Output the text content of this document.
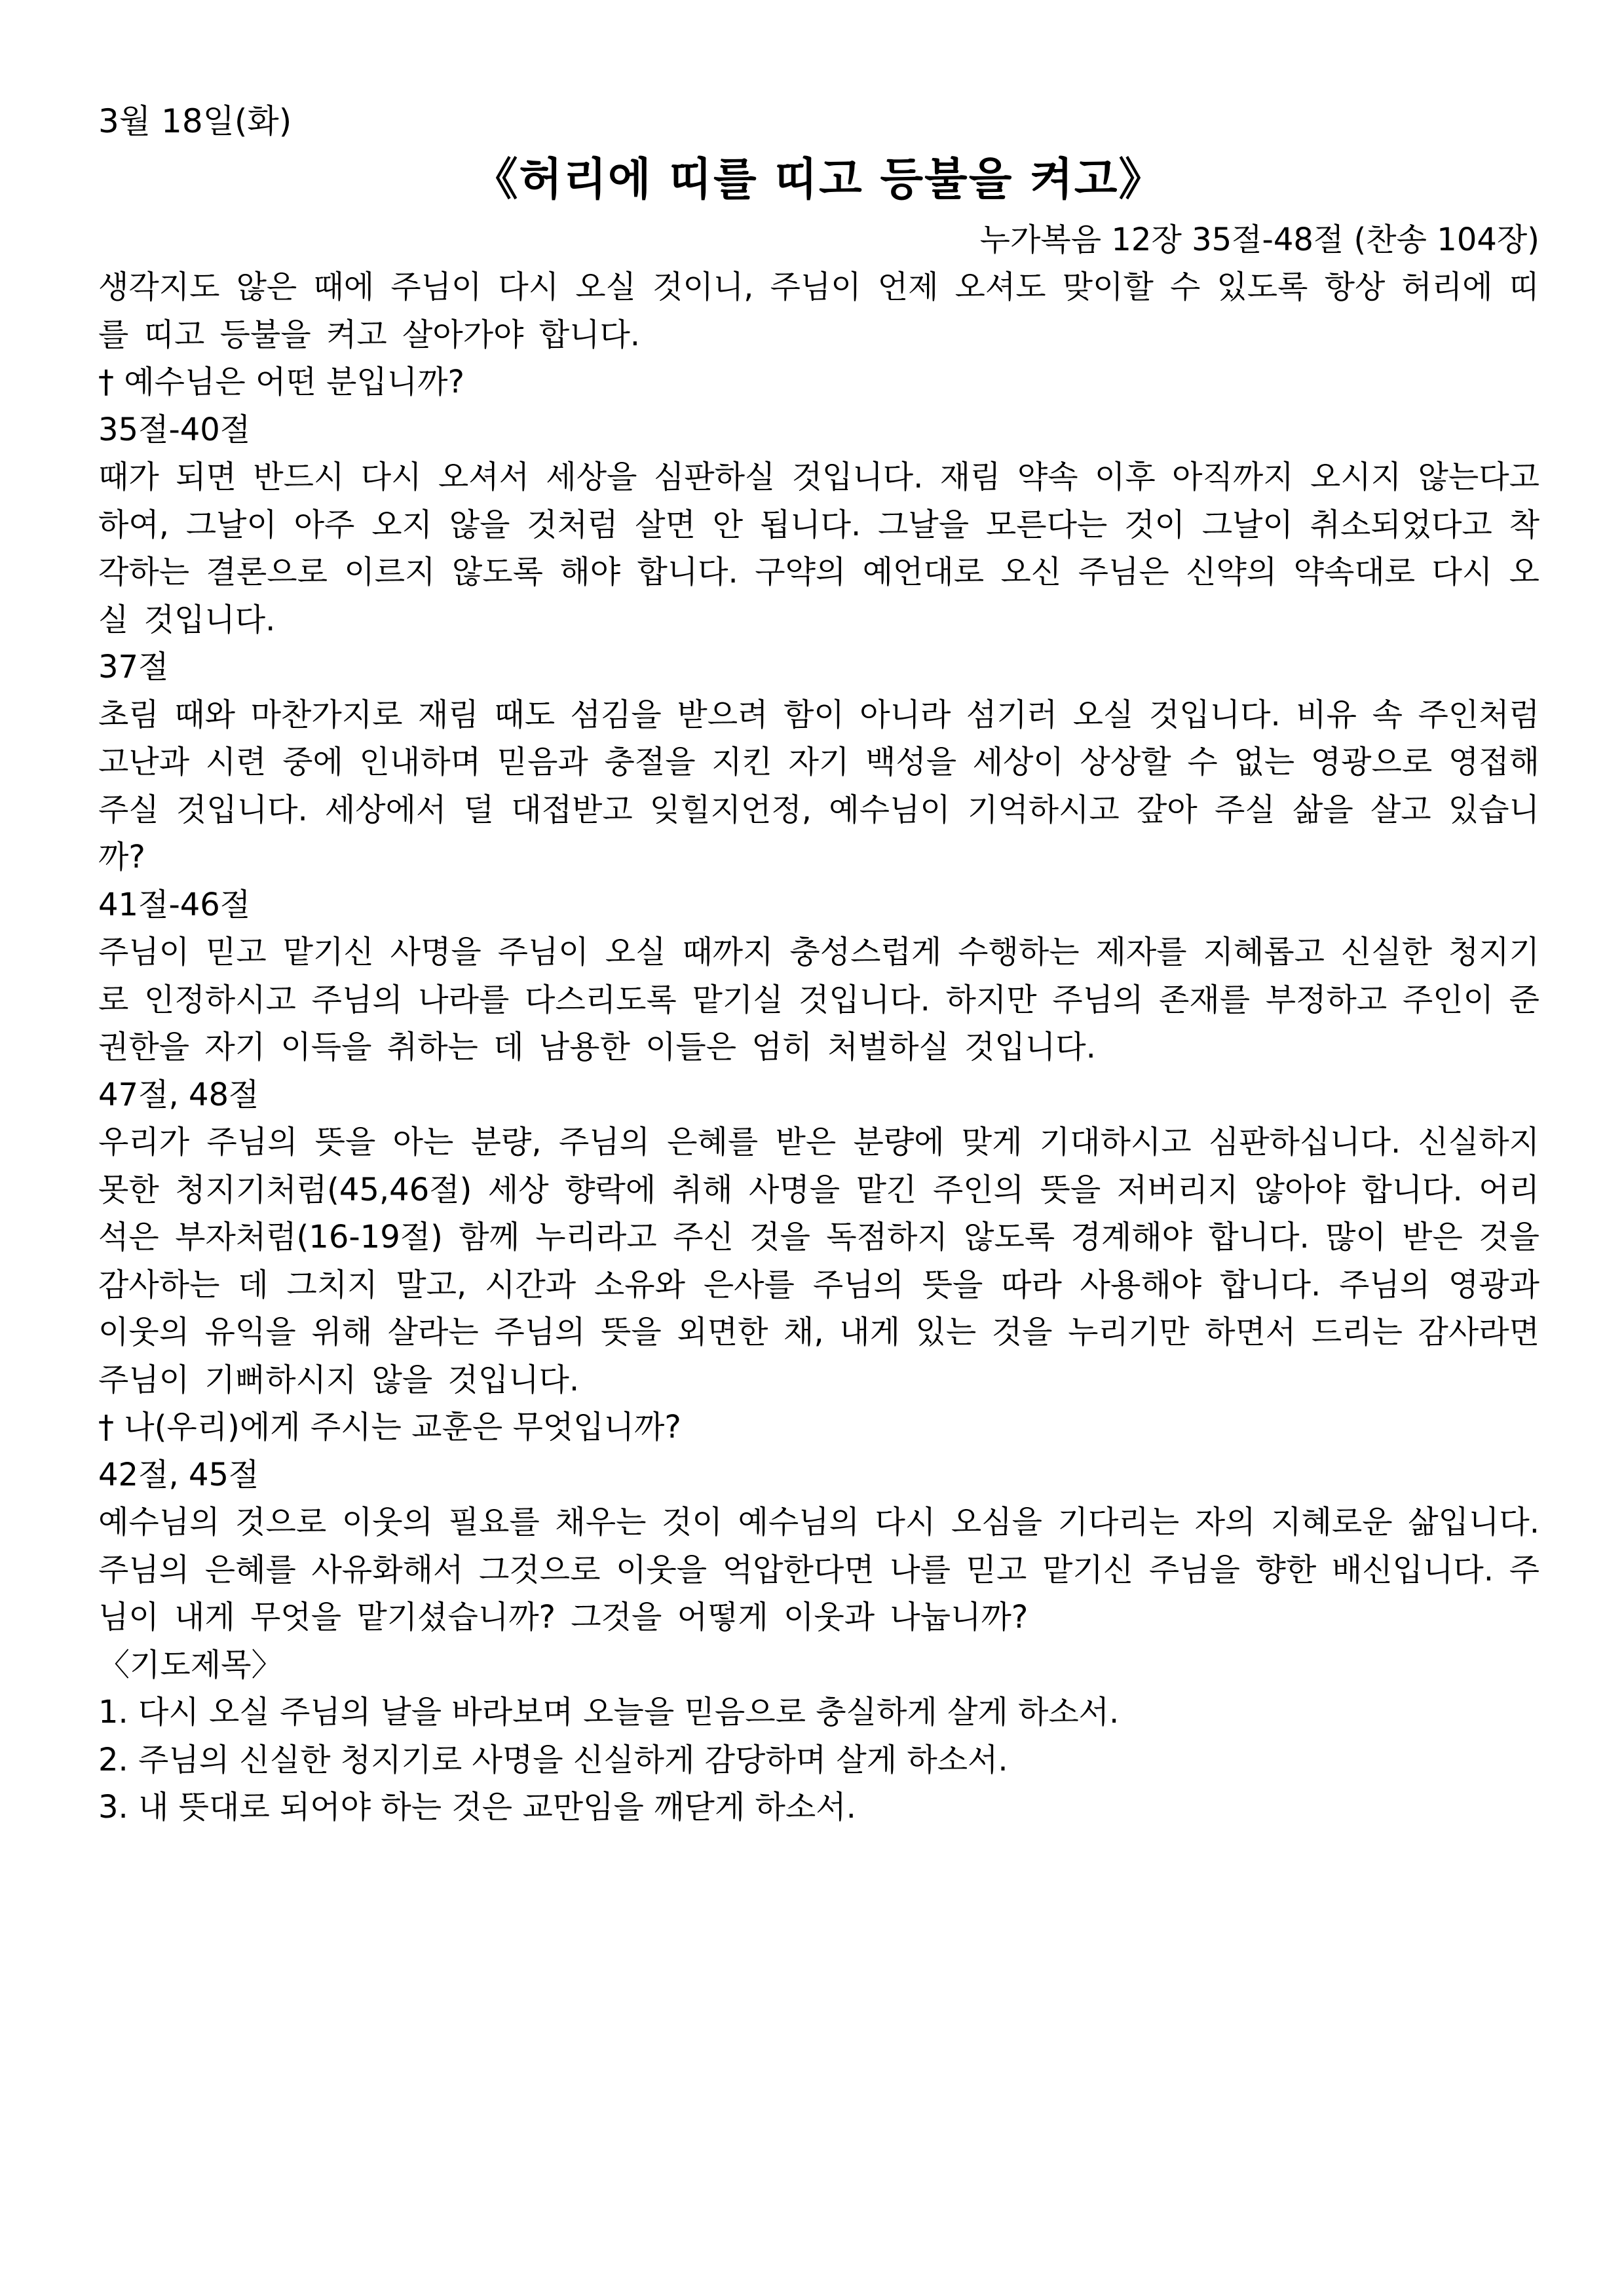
3월 18일(화)

《허리에 띠를 띠고 등불을 켜고》

누가복음 12장 35절-48절 (찬송 104장)

생각지도 않은 때에 주님이 다시 오실 것이니, 주님이 언제 오셔도 맞이할 수 있도록 항상 허리에 띠를 띠고 등불을 켜고 살아가야 합니다.

† 예수님은 어떤 분입니까?

35절-40절

때가 되면 반드시 다시 오셔서 세상을 심판하실 것입니다. 재림 약속 이후 아직까지 오시지 않는다고 하여, 그날이 아주 오지 않을 것처럼 살면 안 됩니다. 그날을 모른다는 것이 그날이 취소되었다고 착각하는 결론으로 이르지 않도록 해야 합니다. 구약의 예언대로 오신 주님은 신약의 약속대로 다시 오실 것입니다.

37절

초림 때와 마찬가지로 재림 때도 섬김을 받으려 함이 아니라 섬기러 오실 것입니다. 비유 속 주인처럼 고난과 시련 중에 인내하며 믿음과 충절을 지킨 자기 백성을 세상이 상상할 수 없는 영광으로 영접해주실 것입니다. 세상에서 덜 대접받고 잊힐지언정, 예수님이 기억하시고 갚아 주실 삶을 살고 있습니까?

41절-46절

주님이 믿고 맡기신 사명을 주님이 오실 때까지 충성스럽게 수행하는 제자를 지혜롭고 신실한 청지기로 인정하시고 주님의 나라를 다스리도록 맡기실 것입니다. 하지만 주님의 존재를 부정하고 주인이 준 권한을 자기 이득을 취하는 데 남용한 이들은 엄히 처벌하실 것입니다.

47절, 48절

우리가 주님의 뜻을 아는 분량, 주님의 은혜를 받은 분량에 맞게 기대하시고 심판하십니다. 신실하지 못한 청지기처럼(45,46절) 세상 향락에 취해 사명을 맡긴 주인의 뜻을 저버리지 않아야 합니다. 어리석은 부자처럼(16-19절) 함께 누리라고 주신 것을 독점하지 않도록 경계해야 합니다. 많이 받은 것을 감사하는 데 그치지 말고, 시간과 소유와 은사를 주님의 뜻을 따라 사용해야 합니다. 주님의 영광과 이웃의 유익을 위해 살라는 주님의 뜻을 외면한 채, 내게 있는 것을 누리기만 하면서 드리는 감사라면 주님이 기뻐하시지 않을 것입니다.

† 나(우리)에게 주시는 교훈은 무엇입니까?

42절, 45절

예수님의 것으로 이웃의 필요를 채우는 것이 예수님의 다시 오심을 기다리는 자의 지혜로운 삶입니다. 주님의 은혜를 사유화해서 그것으로 이웃을 억압한다면 나를 믿고 맡기신 주님을 향한 배신입니다. 주님이 내게 무엇을 맡기셨습니까? 그것을 어떻게 이웃과 나눕니까?

〈기도제목〉

1. 다시 오실 주님의 날을 바라보며 오늘을 믿음으로 충실하게 살게 하소서.
2. 주님의 신실한 청지기로 사명을 신실하게 감당하며 살게 하소서.
3. 내 뜻대로 되어야 하는 것은 교만임을 깨닫게 하소서.
